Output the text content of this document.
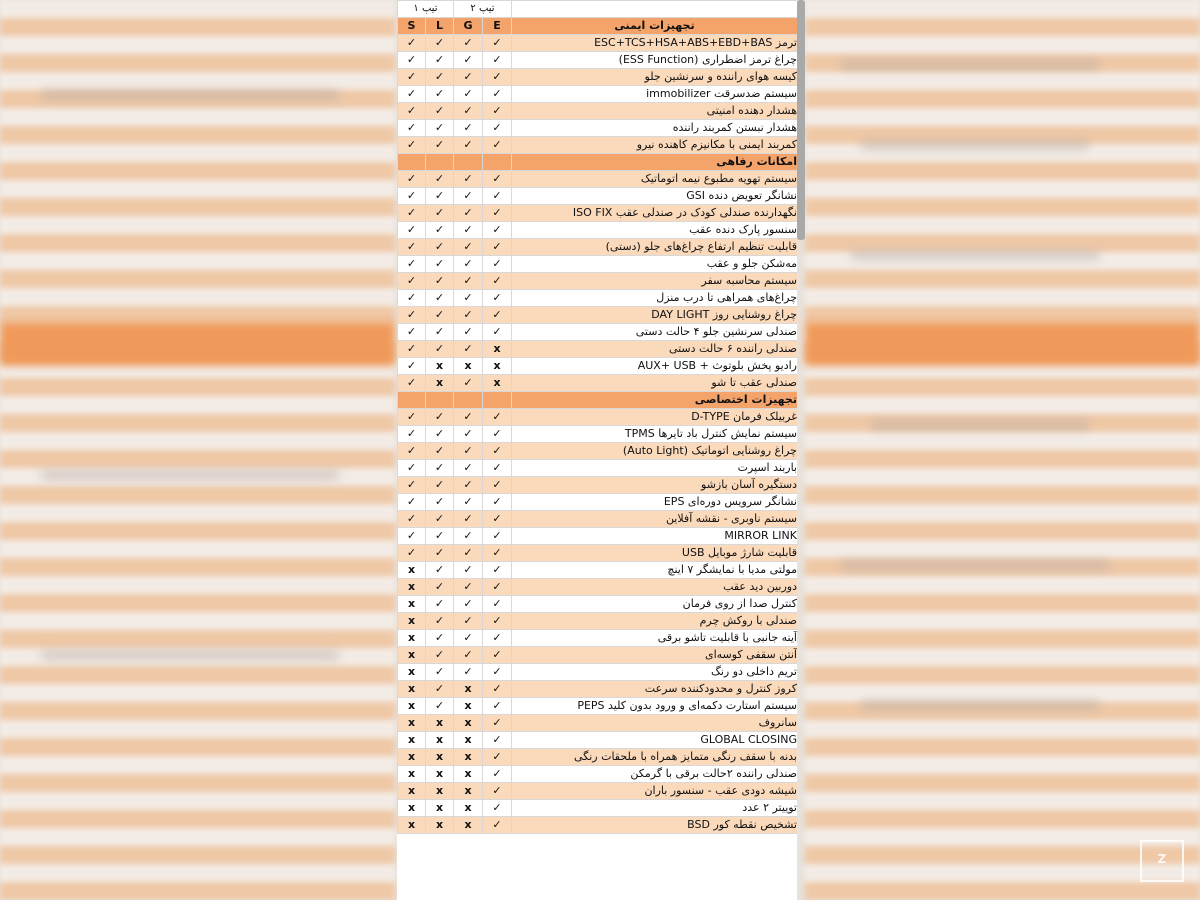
تیپ ۱		تیپ ۲		
S	L	G	E	تجهیزات ایمنی
✓	✓	✓	✓	ترمز ESC+TCS+HSA+ABS+EBD+BAS
✓	✓	✓	✓	چراغ ترمز اضطراری (ESS Function)
✓	✓	✓	✓	کیسه هوای راننده و سرنشین جلو
✓	✓	✓	✓	سیستم ضدسرقت immobilizer
✓	✓	✓	✓	هشدار دهنده امنیتی
✓	✓	✓	✓	هشدار نبستن کمربند راننده
✓	✓	✓	✓	کمربند ایمنی با مکانیزم کاهنده نیرو
				امکانات رفاهی
✓	✓	✓	✓	سیستم تهویه مطبوع نیمه اتوماتیک
✓	✓	✓	✓	نشانگر تعویض دنده GSI
✓	✓	✓	✓	نگهدارنده صندلی کودک در صندلی عقب ISO FIX
✓	✓	✓	✓	سنسور پارک دنده عقب
✓	✓	✓	✓	قابلیت تنظیم ارتفاع چراغ‌های جلو (دستی)
✓	✓	✓	✓	مه‌شکن جلو و عقب
✓	✓	✓	✓	سیستم محاسبه سفر
✓	✓	✓	✓	چراغ‌های همراهی تا درب منزل
✓	✓	✓	✓	چراغ روشنایی روز DAY LIGHT
✓	✓	✓	✓	صندلی سرنشین جلو ۴ حالت دستی
✓	✓	✓	x	صندلی راننده ۶ حالت دستی
✓	x	x	x	رادیو پخش بلوتوث + AUX+ USB
✓	x	✓	x	صندلی عقب تا شو
				تجهیزات اختصاصی
✓	✓	✓	✓	غربیلک فرمان D-TYPE
✓	✓	✓	✓	سیستم نمایش کنترل باد تایرها TPMS
✓	✓	✓	✓	چراغ روشنایی اتوماتیک (Auto Light)
✓	✓	✓	✓	باربند اسپرت
✓	✓	✓	✓	دستگیره آسان بازشو
✓	✓	✓	✓	نشانگر سرویس دوره‌ای EPS
✓	✓	✓	✓	سیستم ناوبری - نقشه آفلاین
✓	✓	✓	✓	MIRROR LINK
✓	✓	✓	✓	قابلیت شارژ موبایل USB
x	✓	✓	✓	مولتی مدیا با نمایشگر ۷ اینچ
x	✓	✓	✓	دوربین دید عقب
x	✓	✓	✓	کنترل صدا از روی فرمان
x	✓	✓	✓	صندلی با روکش چرم
x	✓	✓	✓	آینه جانبی با قابلیت تاشو برقی
x	✓	✓	✓	آنتن سقفی کوسه‌ای
x	✓	✓	✓	تریم داخلی دو رنگ
x	✓	x	✓	کروز کنترل و محدودکننده سرعت
x	✓	x	✓	سیستم استارت دکمه‌ای و ورود بدون کلید PEPS
x	x	x	✓	سانروف
x	x	x	✓	GLOBAL CLOSING
x	x	x	✓	بدنه با سقف رنگی متمایز همراه با ملحقات رنگی
x	x	x	✓	صندلی راننده ۲حالت برقی با گرمکن
x	x	x	✓	شیشه دودی عقب - سنسور باران
x	x	x	✓	توییتر ۲ عدد
x	x	x	✓	تشخیص نقطه کور BSD
Z
